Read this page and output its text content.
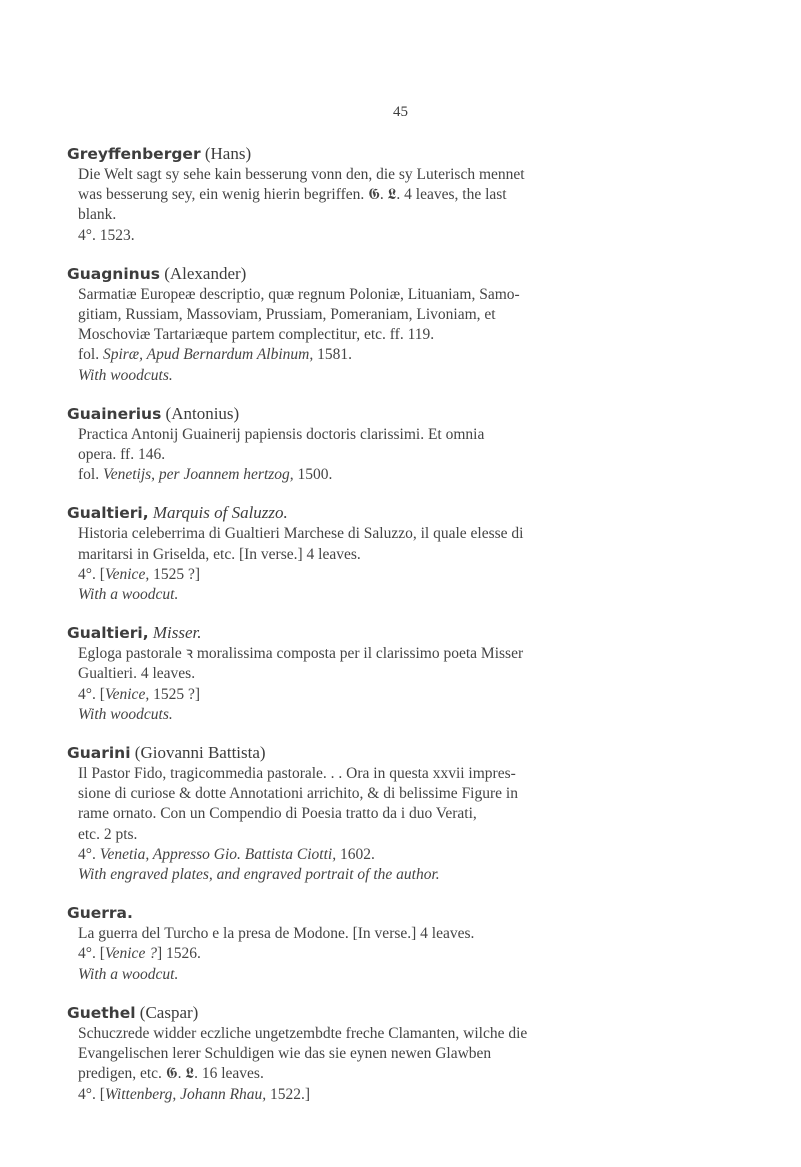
45
Greyffenberger (Hans)
Die Welt sagt sy sehe kain besserung vonn den, die sy Luterisch mennet
was besserung sey, ein wenig hierin begriffen. 𝕲. 𝕷. 4 leaves, the last
blank.
4°. 1523.
Guagninus (Alexander)
Sarmatiæ Europeæ descriptio, quæ regnum Poloniæ, Lituaniam, Samo-
gitiam, Russiam, Massoviam, Prussiam, Pomeraniam, Livoniam, et
Moschoviæ Tartariæque partem complectitur, etc. ff. 119.
fol. Spiræ, Apud Bernardum Albinum, 1581.
With woodcuts.
Guainerius (Antonius)
Practica Antonij Guainerij papiensis doctoris clarissimi. Et omnia
opera. ff. 146.
fol. Venetijs, per Joannem hertzog, 1500.
Gualtieri, Marquis of Saluzzo.
Historia celeberrima di Gualtieri Marchese di Saluzzo, il quale elesse di
maritarsi in Griselda, etc. [In verse.] 4 leaves.
4°. [Venice, 1525 ?]
With a woodcut.
Gualtieri, Misser.
Egloga pastorale ꝛ moralissima composta per il clarissimo poeta Misser
Gualtieri. 4 leaves.
4°. [Venice, 1525 ?]
With woodcuts.
Guarini (Giovanni Battista)
Il Pastor Fido, tragicommedia pastorale. . . Ora in questa xxvii impres-
sione di curiose & dotte Annotationi arrichito, & di belissime Figure in
rame ornato. Con un Compendio di Poesia tratto da i duo Verati,
etc. 2 pts.
4°. Venetia, Appresso Gio. Battista Ciotti, 1602.
With engraved plates, and engraved portrait of the author.
Guerra.
La guerra del Turcho e la presa de Modone. [In verse.] 4 leaves.
4°. [Venice ?] 1526.
With a woodcut.
Guethel (Caspar)
Schuczrede widder eczliche ungetzembdte freche Clamanten, wilche die
Evangelischen lerer Schuldigen wie das sie eynen newen Glawben
predigen, etc. 𝕲. 𝕷. 16 leaves.
4°. [Wittenberg, Johann Rhau, 1522.]
